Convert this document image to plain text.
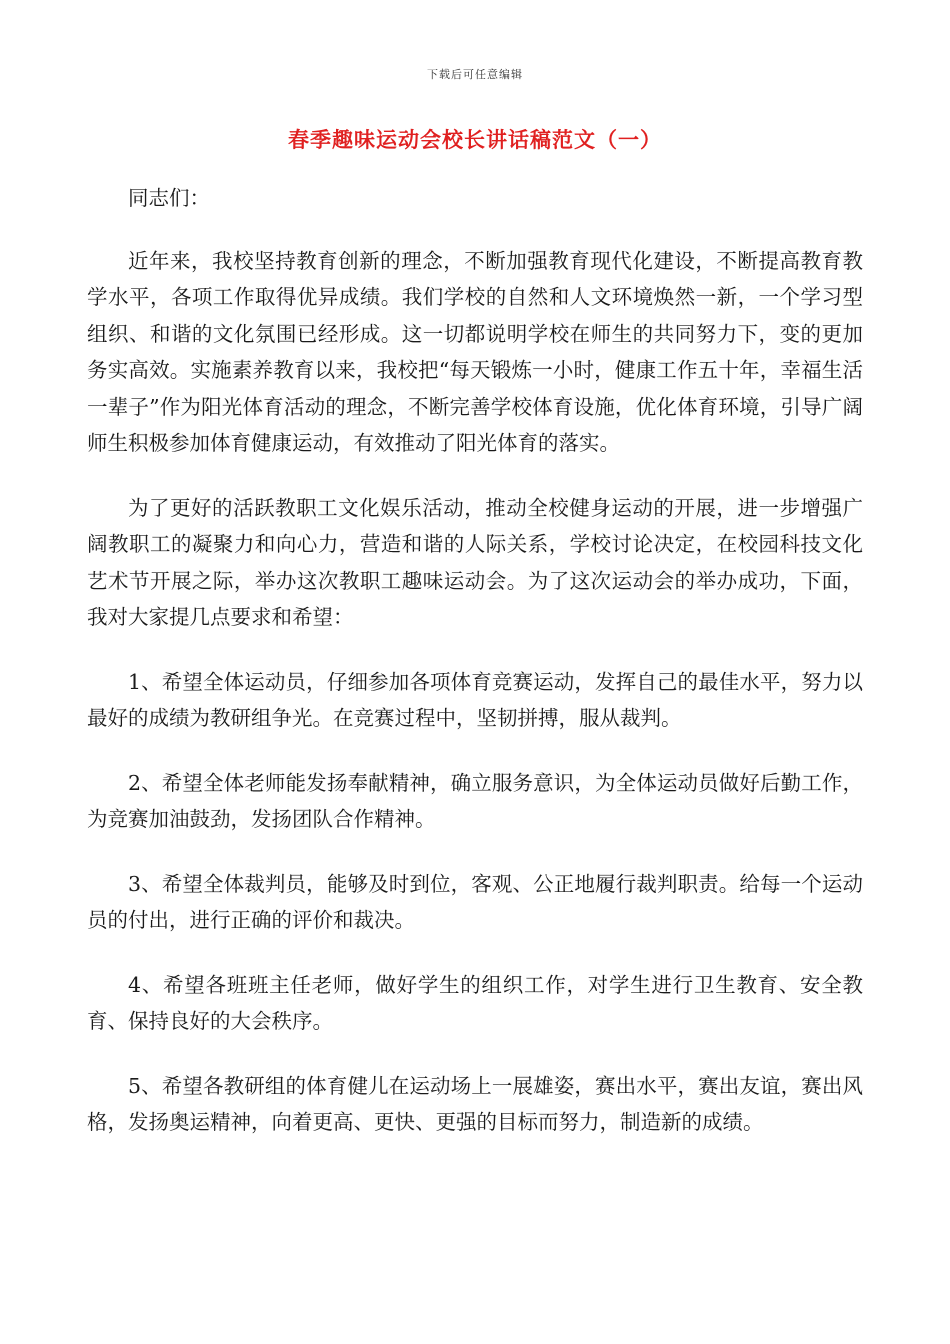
下载后可任意编辑
春季趣味运动会校长讲话稿范文（一）

同志们：

近年来，我校坚持教育创新的理念，不断加强教育现代化建设，不断提高教育教学水平，各项工作取得优异成绩。我们学校的自然和人文环境焕然一新，一个学习型组织、和谐的文化氛围已经形成。这一切都说明学校在师生的共同努力下，变的更加务实高效。实施素养教育以来，我校把“每天锻炼一小时，健康工作五十年，幸福生活一辈子”作为阳光体育活动的理念，不断完善学校体育设施，优化体育环境，引导广阔师生积极参加体育健康运动，有效推动了阳光体育的落实。

为了更好的活跃教职工文化娱乐活动，推动全校健身运动的开展，进一步增强广阔教职工的凝聚力和向心力，营造和谐的人际关系，学校讨论决定，在校园科技文化艺术节开展之际，举办这次教职工趣味运动会。为了这次运动会的举办成功，下面，我对大家提几点要求和希望：

1、希望全体运动员，仔细参加各项体育竞赛运动，发挥自己的最佳水平，努力以最好的成绩为教研组争光。在竞赛过程中，坚韧拼搏，服从裁判。

2、希望全体老师能发扬奉献精神，确立服务意识，为全体运动员做好后勤工作，为竞赛加油鼓劲，发扬团队合作精神。

3、希望全体裁判员，能够及时到位，客观、公正地履行裁判职责。给每一个运动员的付出，进行正确的评价和裁决。

4、希望各班班主任老师，做好学生的组织工作，对学生进行卫生教育、安全教育、保持良好的大会秩序。

5、希望各教研组的体育健儿在运动场上一展雄姿，赛出水平，赛出友谊，赛出风格，发扬奥运精神，向着更高、更快、更强的目标而努力，制造新的成绩。
